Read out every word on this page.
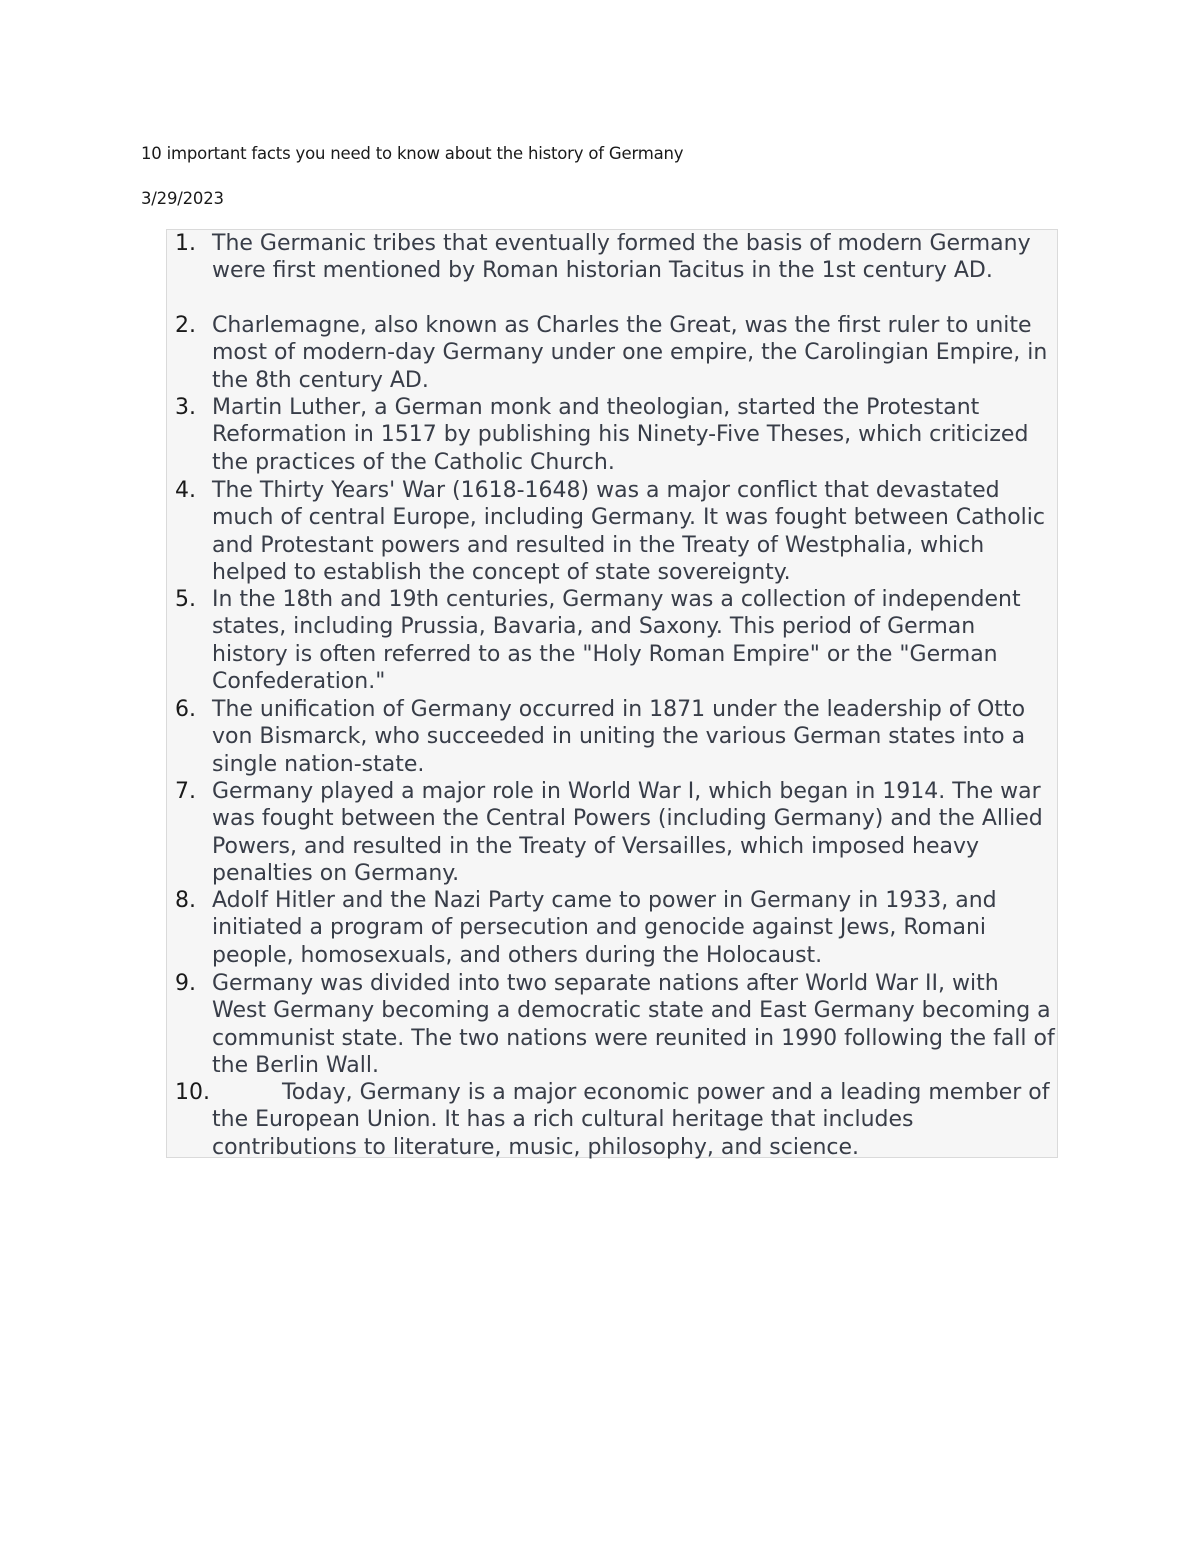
10 important facts you need to know about the history of Germany
3/29/2023
1. The Germanic tribes that eventually formed the basis of modern Germany were first mentioned by Roman historian Tacitus in the 1st century AD.
2. Charlemagne, also known as Charles the Great, was the first ruler to unite most of modern-day Germany under one empire, the Carolingian Empire, in the 8th century AD.
3. Martin Luther, a German monk and theologian, started the Protestant Reformation in 1517 by publishing his Ninety-Five Theses, which criticized the practices of the Catholic Church.
4. The Thirty Years' War (1618-1648) was a major conflict that devastated much of central Europe, including Germany. It was fought between Catholic and Protestant powers and resulted in the Treaty of Westphalia, which helped to establish the concept of state sovereignty.
5. In the 18th and 19th centuries, Germany was a collection of independent states, including Prussia, Bavaria, and Saxony. This period of German history is often referred to as the "Holy Roman Empire" or the "German Confederation."
6. The unification of Germany occurred in 1871 under the leadership of Otto von Bismarck, who succeeded in uniting the various German states into a single nation-state.
7. Germany played a major role in World War I, which began in 1914. The war was fought between the Central Powers (including Germany) and the Allied Powers, and resulted in the Treaty of Versailles, which imposed heavy penalties on Germany.
8. Adolf Hitler and the Nazi Party came to power in Germany in 1933, and initiated a program of persecution and genocide against Jews, Romani people, homosexuals, and others during the Holocaust.
9. Germany was divided into two separate nations after World War II, with West Germany becoming a democratic state and East Germany becoming a communist state. The two nations were reunited in 1990 following the fall of the Berlin Wall.
10.	Today, Germany is a major economic power and a leading member of the European Union. It has a rich cultural heritage that includes contributions to literature, music, philosophy, and science.
